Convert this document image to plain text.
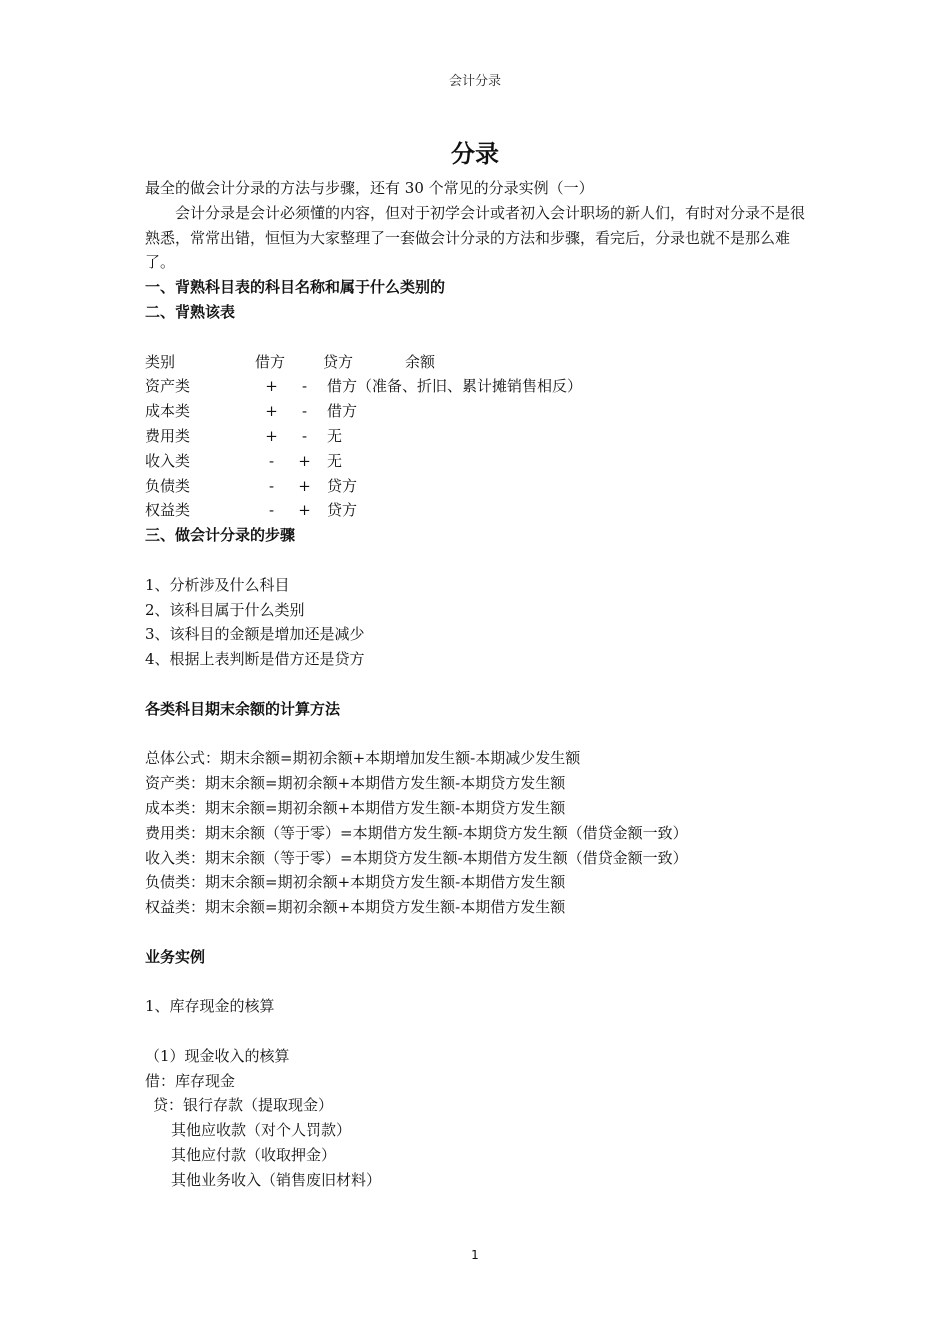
会计分录
分录
最全的做会计分录的方法与步骤，还有 30 个常见的分录实例（一）
会计分录是会计必须懂的内容，但对于初学会计或者初入会计职场的新人们，有时对分录不是很熟悉，常常出错，恒恒为大家整理了一套做会计分录的方法和步骤，看完后，分录也就不是那么难了。
一、背熟科目表的科目名称和属于什么类别的
二、背熟该表
类别	借方	贷方	余额
资产类	+	-	借方（准备、折旧、累计摊销售相反）
成本类	+	-	借方
费用类	+	-	无
收入类	-	+	无
负债类	-	+	贷方
权益类	-	+	贷方
三、做会计分录的步骤
1、分析涉及什么科目
2、该科目属于什么类别
3、该科目的金额是增加还是减少
4、根据上表判断是借方还是贷方
各类科目期末余额的计算方法
总体公式：期末余额=期初余额+本期增加发生额-本期减少发生额
资产类：期末余额=期初余额+本期借方发生额-本期贷方发生额
成本类：期末余额=期初余额+本期借方发生额-本期贷方发生额
费用类：期末余额（等于零）=本期借方发生额-本期贷方发生额（借贷金额一致）
收入类：期末余额（等于零）=本期贷方发生额-本期借方发生额（借贷金额一致）
负债类：期末余额=期初余额+本期贷方发生额-本期借方发生额
权益类：期末余额=期初余额+本期贷方发生额-本期借方发生额
业务实例
1、库存现金的核算
（1）现金收入的核算
借：库存现金
贷：银行存款（提取现金）
其他应收款（对个人罚款）
其他应付款（收取押金）
其他业务收入（销售废旧材料）
1
